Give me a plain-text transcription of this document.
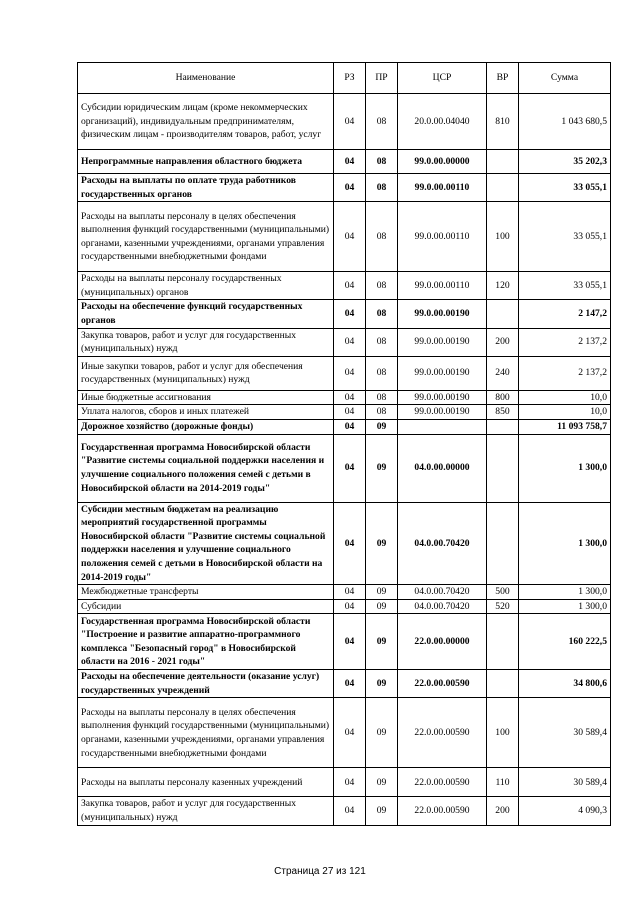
Наименование	РЗ	ПР	ЦСР	ВР	Сумма
Субсидии юридическим лицам (кроме некоммерческих организаций), индивидуальным предпринимателям, физическим лицам - производителям товаров, работ, услуг	04	08	20.0.00.04040	810	1 043 680,5
Непрограммные направления областного бюджета	04	08	99.0.00.00000		35 202,3
Расходы на выплаты по оплате труда работников государственных органов	04	08	99.0.00.00110		33 055,1
Расходы на выплаты персоналу в целях обеспечения выполнения функций государственными (муниципальными) органами, казенными учреждениями, органами управления государственными внебюджетными фондами	04	08	99.0.00.00110	100	33 055,1
Расходы на выплаты персоналу государственных (муниципальных) органов	04	08	99.0.00.00110	120	33 055,1
Расходы на обеспечение функций государственных органов	04	08	99.0.00.00190		2 147,2
Закупка товаров, работ и услуг для государственных (муниципальных) нужд	04	08	99.0.00.00190	200	2 137,2
Иные закупки товаров, работ и услуг для обеспечения государственных (муниципальных) нужд	04	08	99.0.00.00190	240	2 137,2
Иные бюджетные ассигнования	04	08	99.0.00.00190	800	10,0
Уплата налогов, сборов и иных платежей	04	08	99.0.00.00190	850	10,0
Дорожное хозяйство (дорожные фонды)	04	09			11 093 758,7
Государственная программа Новосибирской области "Развитие системы социальной поддержки населения и улучшение социального положения семей с детьми в Новосибирской области на 2014-2019 годы"	04	09	04.0.00.00000		1 300,0
Субсидии местным бюджетам на реализацию мероприятий государственной программы Новосибирской области "Развитие системы социальной поддержки населения и улучшение социального положения семей с детьми в Новосибирской области на 2014-2019 годы"	04	09	04.0.00.70420		1 300,0
Межбюджетные трансферты	04	09	04.0.00.70420	500	1 300,0
Субсидии	04	09	04.0.00.70420	520	1 300,0
Государственная программа Новосибирской области "Построение и развитие аппаратно-программного комплекса "Безопасный город" в Новосибирской области на 2016 - 2021 годы"	04	09	22.0.00.00000		160 222,5
Расходы на обеспечение деятельности (оказание услуг) государственных учреждений	04	09	22.0.00.00590		34 800,6
Расходы на выплаты персоналу в целях обеспечения выполнения функций государственными (муниципальными) органами, казенными учреждениями, органами управления государственными внебюджетными фондами	04	09	22.0.00.00590	100	30 589,4
Расходы на выплаты персоналу казенных учреждений	04	09	22.0.00.00590	110	30 589,4
Закупка товаров, работ и услуг для государственных (муниципальных) нужд	04	09	22.0.00.00590	200	4 090,3
Страница 27 из 121
